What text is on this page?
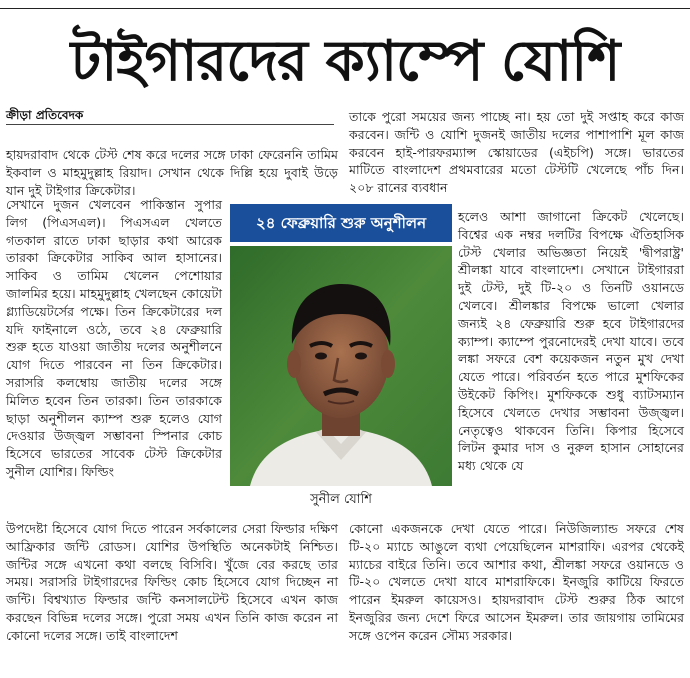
টাইগারদের ক্যাম্পে যোশি
ক্রীড়া প্রতিবেদক

হায়দরাবাদ থেকে টেস্ট শেষ করে দলের সঙ্গে ঢাকা ফেরেননি তামিম ইকবাল ও মাহমুদুল্লাহ রিয়াদ। সেখান থেকে দিল্লি হয়ে দুবাই উড়ে যান দুই টাইগার ক্রিকেটার।

সেখানে দুজন খেলবেন পাকিস্তান সুপার লিগ (পিএসএল)। পিএসএল খেলতে গতকাল রাতে ঢাকা ছাড়ার কথা আরেক তারকা ক্রিকেটার সাকিব আল হাসানের। সাকিব ও তামিম খেলেন পেশোয়ার জালমির হয়ে। মাহমুদুল্লাহ খেলছেন কোয়েটা গ্ল্যাডিয়েটর্সের পক্ষে। তিন ক্রিকেটারের দল যদি ফাইনালে ওঠে, তবে ২৪ ফেব্রুয়ারি শুরু হতে যাওয়া জাতীয় দলের অনুশীলনে যোগ দিতে পারবেন না তিন ক্রিকেটার। সরাসরি কলম্বোয় জাতীয় দলের সঙ্গে মিলিত হবেন তিন তারকা। তিন তারকাকে ছাড়া অনুশীলন ক্যাম্প শুরু হলেও যোগ দেওয়ার উজ্জ্বল সম্ভাবনা স্পিনার কোচ হিসেবে ভারতের সাবেক টেস্ট ক্রিকেটার সুনীল যোশির। ফিল্ডিং

উপদেষ্টা হিসেবে যোগ দিতে পারেন সর্বকালের সেরা ফিল্ডার দক্ষিণ আফ্রিকার জন্টি রোডস। যোশির উপস্থিতি অনেকটাই নিশ্চিত। জন্টির সঙ্গে এখনো কথা বলছে বিসিবি। খুঁজে বের করছে তার সময়। সরাসরি টাইগারদের ফিল্ডিং কোচ হিসেবে যোগ দিচ্ছেন না জন্টি। বিশ্বখ্যাত ফিল্ডার জন্টি কনসালটেন্ট হিসেবে এখন কাজ করছেন বিভিন্ন দলের সঙ্গে। পুরো সময় এখন তিনি কাজ করেন না কোনো দলের সঙ্গে। তাই বাংলাদেশ

তাকে পুরো সময়ের জন্য পাচ্ছে না। হয় তো দুই সপ্তাহ করে কাজ করবেন। জন্টি ও যোশি দুজনই জাতীয় দলের পাশাপাশি মূল কাজ করবেন হাই-পারফরম্যান্স স্কোয়াডের (এইচপি) সঙ্গে। ভারতের মাটিতে বাংলাদেশ প্রথমবারের মতো টেস্টটি খেলেছে পাঁচ দিন। ২০৮ রানের ব্যবধান

হলেও আশা জাগানো ক্রিকেট খেলেছে। বিশ্বের এক নম্বর দলটির বিপক্ষে ঐতিহাসিক টেস্ট খেলার অভিজ্ঞতা নিয়েই 'দ্বীপরাষ্ট্র' শ্রীলঙ্কা যাবে বাংলাদেশ। সেখানে টাইগাররা দুই টেস্ট, দুই টি-২০ ও তিনটি ওয়ানডে খেলবে। শ্রীলঙ্কার বিপক্ষে ভালো খেলার জন্যই ২৪ ফেব্রুয়ারি শুরু হবে টাইগারদের ক্যাম্প। ক্যাম্পে পুরনোদেরই দেখা যাবে। তবে লঙ্কা সফরে বেশ কয়েকজন নতুন মুখ দেখা যেতে পারে। পরিবর্তন হতে পারে মুশফিকের উইকেট কিপিং। মুশফিককে শুধু ব্যাটসম্যান হিসেবে খেলতে দেখার সম্ভাবনা উজ্জ্বল। নেতৃত্বেও থাকবেন তিনি। কিপার হিসেবে লিটন কুমার দাস ও নুরুল হাসান সোহানের মধ্য থেকে যে

কোনো একজনকে দেখা যেতে পারে। নিউজিল্যান্ড সফরে শেষ টি-২০ ম্যাচে আঙুলে ব্যথা পেয়েছিলেন মাশরাফি। এরপর থেকেই ম্যাচের বাইরে তিনি। তবে আশার কথা, শ্রীলঙ্কা সফরে ওয়ানডে ও টি-২০ খেলতে দেখা যাবে মাশরাফিকে। ইনজুরি কাটিয়ে ফিরতে পারেন ইমরুল কায়েসও। হায়দরাবাদ টেস্ট শুরুর ঠিক আগে ইনজুরির জন্য দেশে ফিরে আসেন ইমরুল। তার জায়গায় তামিমের সঙ্গে ওপেন করেন সৌম্য সরকার।

২৪ ফেব্রুয়ারি শুরু অনুশীলন
সুনীল যোশি
